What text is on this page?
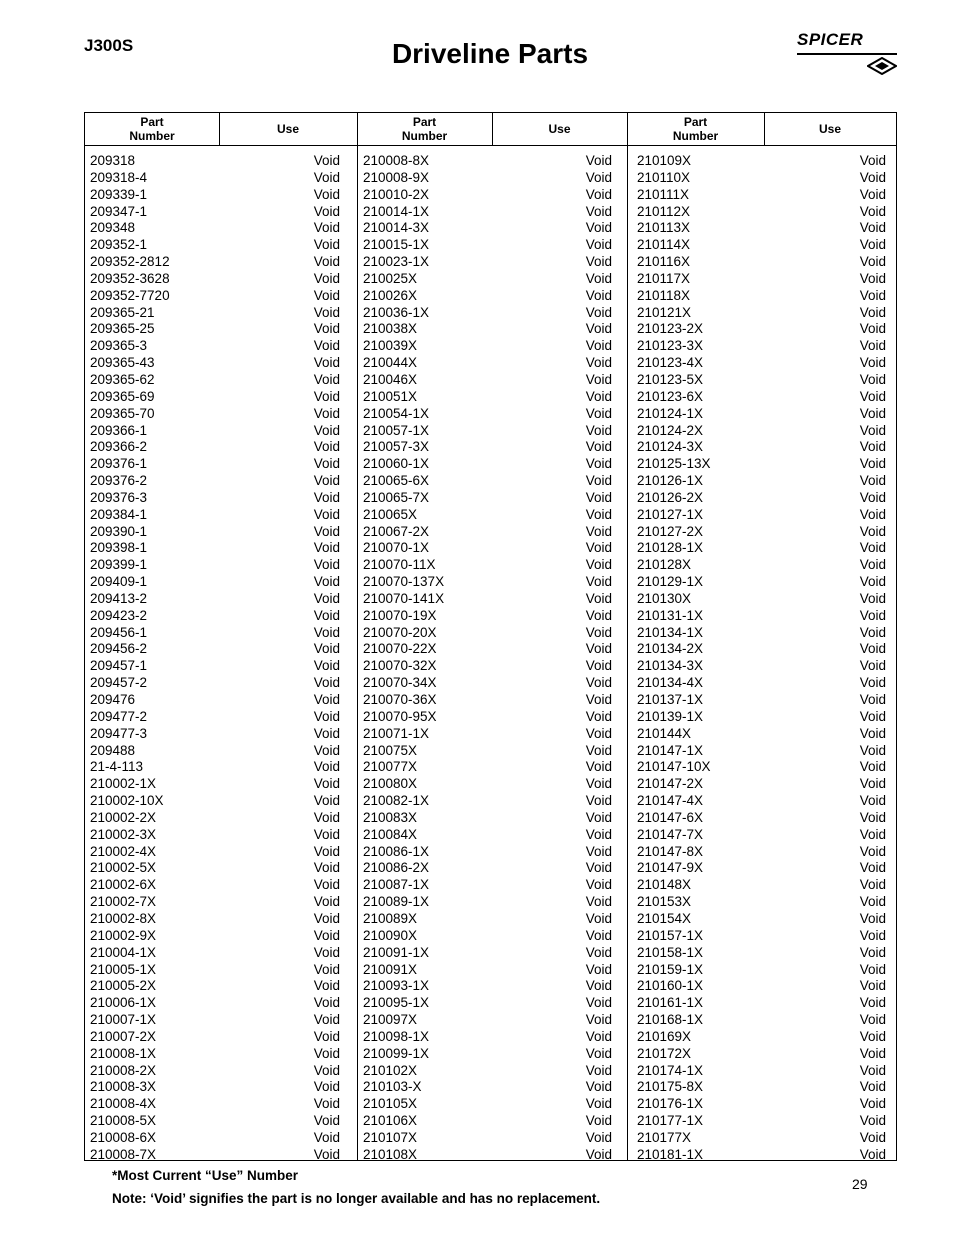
J300S	Driveline Parts	SPICER
Part
Number	Use	Part
Number	Use	Part
Number	Use
209318	Void
209318-4	Void
209339-1	Void
209347-1	Void
209348	Void
209352-1	Void
209352-2812	Void
209352-3628	Void
209352-7720	Void
209365-21	Void
209365-25	Void
209365-3	Void
209365-43	Void
209365-62	Void
209365-69	Void
209365-70	Void
209366-1	Void
209366-2	Void
209376-1	Void
209376-2	Void
209376-3	Void
209384-1	Void
209390-1	Void
209398-1	Void
209399-1	Void
209409-1	Void
209413-2	Void
209423-2	Void
209456-1	Void
209456-2	Void
209457-1	Void
209457-2	Void
209476	Void
209477-2	Void
209477-3	Void
209488	Void
21-4-113	Void
210002-1X	Void
210002-10X	Void
210002-2X	Void
210002-3X	Void
210002-4X	Void
210002-5X	Void
210002-6X	Void
210002-7X	Void
210002-8X	Void
210002-9X	Void
210004-1X	Void
210005-1X	Void
210005-2X	Void
210006-1X	Void
210007-1X	Void
210007-2X	Void
210008-1X	Void
210008-2X	Void
210008-3X	Void
210008-4X	Void
210008-5X	Void
210008-6X	Void
210008-7X	Void
210008-8X	Void
210008-9X	Void
210010-2X	Void
210014-1X	Void
210014-3X	Void
210015-1X	Void
210023-1X	Void
210025X	Void
210026X	Void
210036-1X	Void
210038X	Void
210039X	Void
210044X	Void
210046X	Void
210051X	Void
210054-1X	Void
210057-1X	Void
210057-3X	Void
210060-1X	Void
210065-6X	Void
210065-7X	Void
210065X	Void
210067-2X	Void
210070-1X	Void
210070-11X	Void
210070-137X	Void
210070-141X	Void
210070-19X	Void
210070-20X	Void
210070-22X	Void
210070-32X	Void
210070-34X	Void
210070-36X	Void
210070-95X	Void
210071-1X	Void
210075X	Void
210077X	Void
210080X	Void
210082-1X	Void
210083X	Void
210084X	Void
210086-1X	Void
210086-2X	Void
210087-1X	Void
210089-1X	Void
210089X	Void
210090X	Void
210091-1X	Void
210091X	Void
210093-1X	Void
210095-1X	Void
210097X	Void
210098-1X	Void
210099-1X	Void
210102X	Void
210103-X	Void
210105X	Void
210106X	Void
210107X	Void
210108X	Void
210109X	Void
210110X	Void
210111X	Void
210112X	Void
210113X	Void
210114X	Void
210116X	Void
210117X	Void
210118X	Void
210121X	Void
210123-2X	Void
210123-3X	Void
210123-4X	Void
210123-5X	Void
210123-6X	Void
210124-1X	Void
210124-2X	Void
210124-3X	Void
210125-13X	Void
210126-1X	Void
210126-2X	Void
210127-1X	Void
210127-2X	Void
210128-1X	Void
210128X	Void
210129-1X	Void
210130X	Void
210131-1X	Void
210134-1X	Void
210134-2X	Void
210134-3X	Void
210134-4X	Void
210137-1X	Void
210139-1X	Void
210144X	Void
210147-1X	Void
210147-10X	Void
210147-2X	Void
210147-4X	Void
210147-6X	Void
210147-7X	Void
210147-8X	Void
210147-9X	Void
210148X	Void
210153X	Void
210154X	Void
210157-1X	Void
210158-1X	Void
210159-1X	Void
210160-1X	Void
210161-1X	Void
210168-1X	Void
210169X	Void
210172X	Void
210174-1X	Void
210175-8X	Void
210176-1X	Void
210177-1X	Void
210177X	Void
210181-1X	Void
*Most Current “Use” Number
Note: ‘Void’ signifies the part is no longer available and has no replacement.
29
